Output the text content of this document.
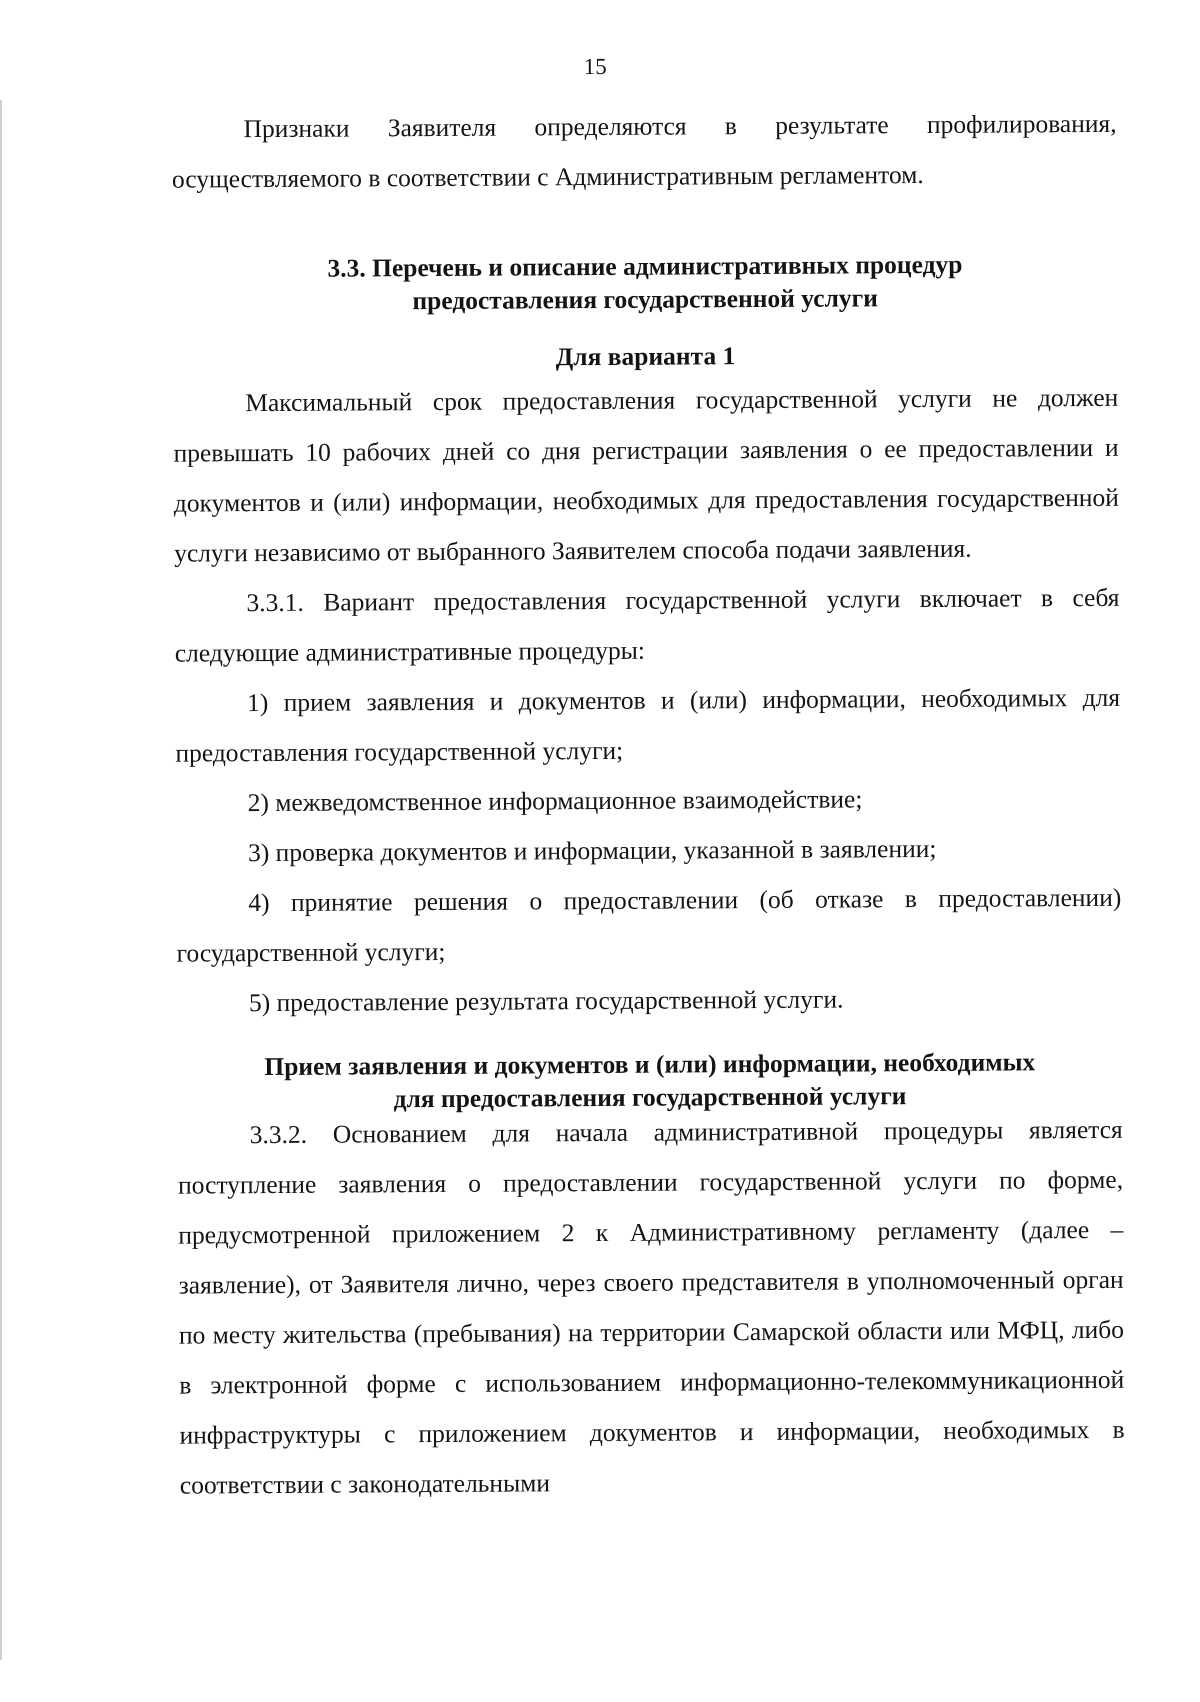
15

Признаки Заявителя определяются в результате профилирования, осуществляемого в соответствии с Административным регламентом.

3.3. Перечень и описание административных процедур
предоставления государственной услуги
Для варианта 1

Максимальный срок предоставления государственной услуги не должен превышать 10 рабочих дней со дня регистрации заявления о ее предоставлении и документов и (или) информации, необходимых для предоставления государственной услуги независимо от выбранного Заявителем способа подачи заявления.

3.3.1. Вариант предоставления государственной услуги включает в себя следующие административные процедуры:

1) прием заявления и документов и (или) информации, необходимых для предоставления государственной услуги;

2) межведомственное информационное взаимодействие;

3) проверка документов и информации, указанной в заявлении;

4) принятие решения о предоставлении (об отказе в предоставлении) государственной услуги;

5) предоставление результата государственной услуги.

Прием заявления и документов и (или) информации, необходимых
для предоставления государственной услуги

3.3.2. Основанием для начала административной процедуры является поступление заявления о предоставлении государственной услуги по форме, предусмотренной приложением 2 к Административному регламенту (далее – заявление), от Заявителя лично, через своего представителя в уполномоченный орган по месту жительства (пребывания) на территории Самарской области или МФЦ, либо в электронной форме с использованием информационно-телекоммуникационной инфраструктуры с приложением документов и информации, необходимых в соответствии с законодательными
